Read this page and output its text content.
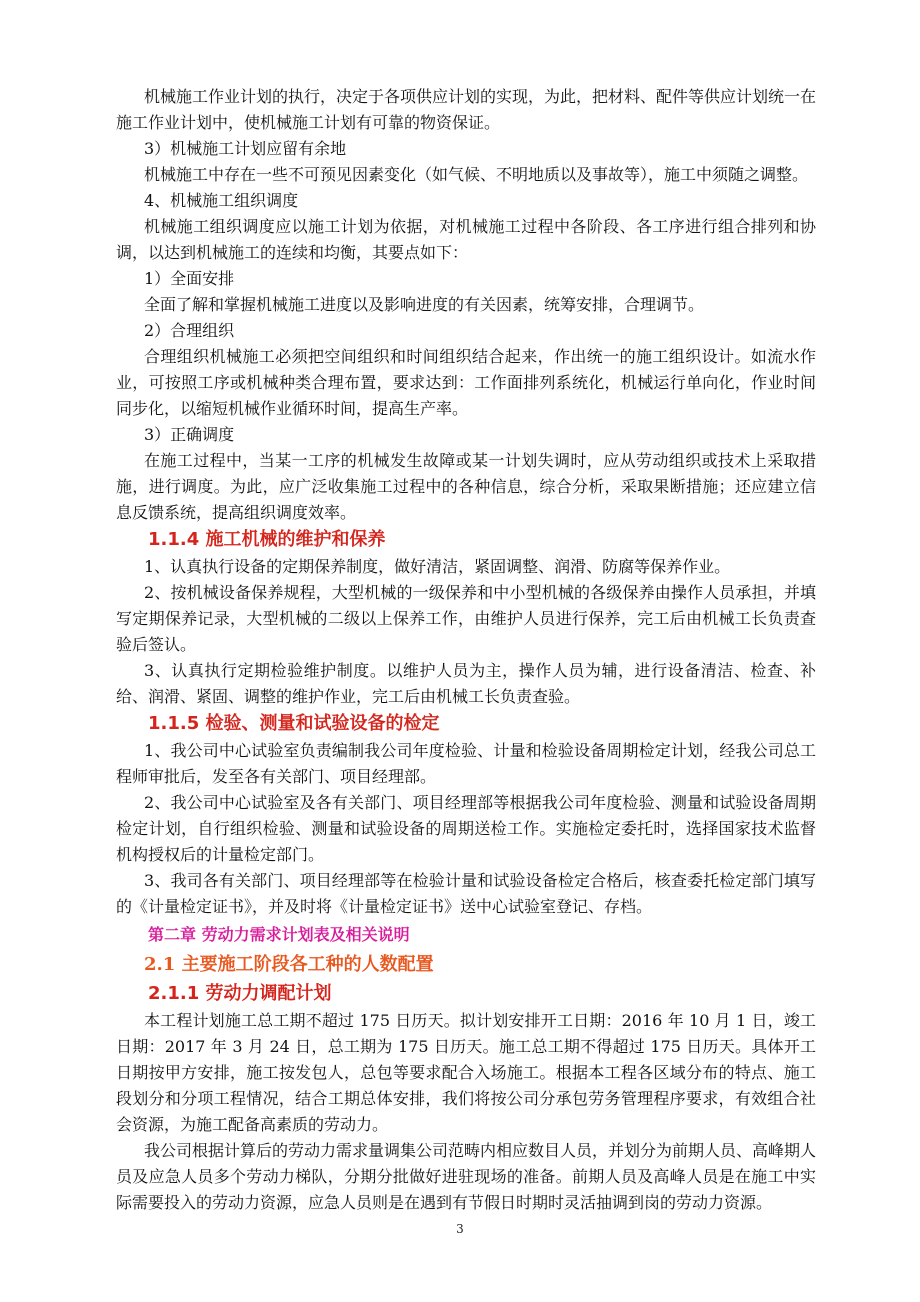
机械施工作业计划的执行，决定于各项供应计划的实现，为此，把材料、配件等供应计划统一在施工作业计划中，使机械施工计划有可靠的物资保证。

3）机械施工计划应留有余地

机械施工中存在一些不可预见因素变化（如气候、不明地质以及事故等），施工中须随之调整。

4、机械施工组织调度

机械施工组织调度应以施工计划为依据，对机械施工过程中各阶段、各工序进行组合排列和协调，以达到机械施工的连续和均衡，其要点如下：

1）全面安排

全面了解和掌握机械施工进度以及影响进度的有关因素，统筹安排，合理调节。

2）合理组织

合理组织机械施工必须把空间组织和时间组织结合起来，作出统一的施工组织设计。如流水作业，可按照工序或机械种类合理布置，要求达到：工作面排列系统化，机械运行单向化，作业时间同步化，以缩短机械作业循环时间，提高生产率。

3）正确调度

在施工过程中，当某一工序的机械发生故障或某一计划失调时，应从劳动组织或技术上采取措施，进行调度。为此，应广泛收集施工过程中的各种信息，综合分析，采取果断措施；还应建立信息反馈系统，提高组织调度效率。

1.1.4 施工机械的维护和保养

1、认真执行设备的定期保养制度，做好清洁，紧固调整、润滑、防腐等保养作业。

2、按机械设备保养规程，大型机械的一级保养和中小型机械的各级保养由操作人员承担，并填写定期保养记录，大型机械的二级以上保养工作，由维护人员进行保养，完工后由机械工长负责查验后签认。

3、认真执行定期检验维护制度。以维护人员为主，操作人员为辅，进行设备清洁、检查、补给、润滑、紧固、调整的维护作业，完工后由机械工长负责查验。

1.1.5 检验、测量和试验设备的检定

1、我公司中心试验室负责编制我公司年度检验、计量和检验设备周期检定计划，经我公司总工程师审批后，发至各有关部门、项目经理部。

2、我公司中心试验室及各有关部门、项目经理部等根据我公司年度检验、测量和试验设备周期检定计划，自行组织检验、测量和试验设备的周期送检工作。实施检定委托时，选择国家技术监督机构授权后的计量检定部门。

3、我司各有关部门、项目经理部等在检验计量和试验设备检定合格后，核查委托检定部门填写的《计量检定证书》，并及时将《计量检定证书》送中心试验室登记、存档。

第二章 劳动力需求计划表及相关说明
2.1 主要施工阶段各工种的人数配置
2.1.1 劳动力调配计划

本工程计划施工总工期不超过 175 日历天。拟计划安排开工日期：2016 年 10 月 1 日，竣工日期：2017 年 3 月 24 日，总工期为 175 日历天。施工总工期不得超过 175 日历天。具体开工日期按甲方安排，施工按发包人，总包等要求配合入场施工。根据本工程各区域分布的特点、施工段划分和分项工程情况，结合工期总体安排，我们将按公司分承包劳务管理程序要求，有效组合社会资源，为施工配备高素质的劳动力。

我公司根据计算后的劳动力需求量调集公司范畴内相应数目人员，并划分为前期人员、高峰期人员及应急人员多个劳动力梯队，分期分批做好进驻现场的准备。前期人员及高峰人员是在施工中实际需要投入的劳动力资源，应急人员则是在遇到有节假日时期时灵活抽调到岗的劳动力资源。

3
